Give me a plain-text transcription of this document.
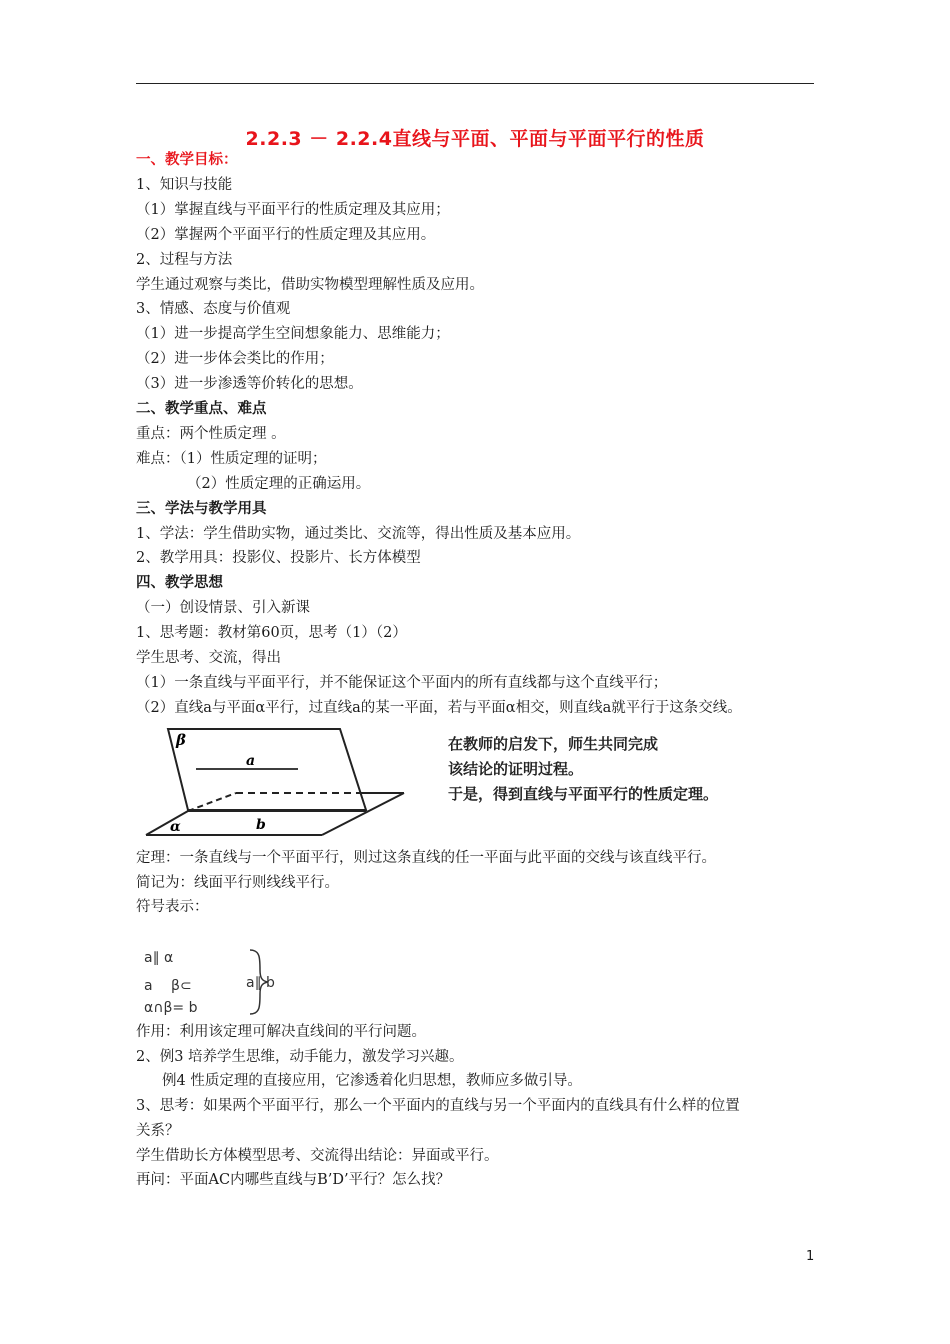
2.2.3 － 2.2.4直线与平面、平面与平面平行的性质
一、教学目标：
1、知识与技能
（1）掌握直线与平面平行的性质定理及其应用；
（2）掌握两个平面平行的性质定理及其应用。
2、过程与方法
学生通过观察与类比，借助实物模型理解性质及应用。
3、情感、态度与价值观
（1）进一步提高学生空间想象能力、思维能力；
（2）进一步体会类比的作用；
（3）进一步渗透等价转化的思想。
二、教学重点、难点
重点：两个性质定理 。
难点：（1）性质定理的证明；
（2）性质定理的正确运用。
三、学法与教学用具
1、学法：学生借助实物，通过类比、交流等，得出性质及基本应用。
2、教学用具：投影仪、投影片、长方体模型
四、教学思想
（一）创设情景、引入新课
1、思考题：教材第60页，思考（1）（2）
学生思考、交流，得出
（1）一条直线与平面平行，并不能保证这个平面内的所有直线都与这个直线平行；
（2）直线a与平面α平行，过直线a的某一平面，若与平面α相交，则直线a就平行于这条交线。
β
a
α	b
在教师的启发下，师生共同完成
该结论的证明过程。
于是，得到直线与平面平行的性质定理。
定理：一条直线与一个平面平行，则过这条直线的任一平面与此平面的交线与该直线平行。
简记为：线面平行则线线平行。
符号表示：
a∥ α
a　 β⊂
α∩β= b
a∥ b
作用：利用该定理可解决直线间的平行问题。
2、例3 培养学生思维，动手能力，激发学习兴趣。
例4 性质定理的直接应用，它渗透着化归思想，教师应多做引导。
3、思考：如果两个平面平行，那么一个平面内的直线与另一个平面内的直线具有什么样的位置
关系？
学生借助长方体模型思考、交流得出结论：异面或平行。
再问：平面AC内哪些直线与B’D’平行？怎么找？
1
